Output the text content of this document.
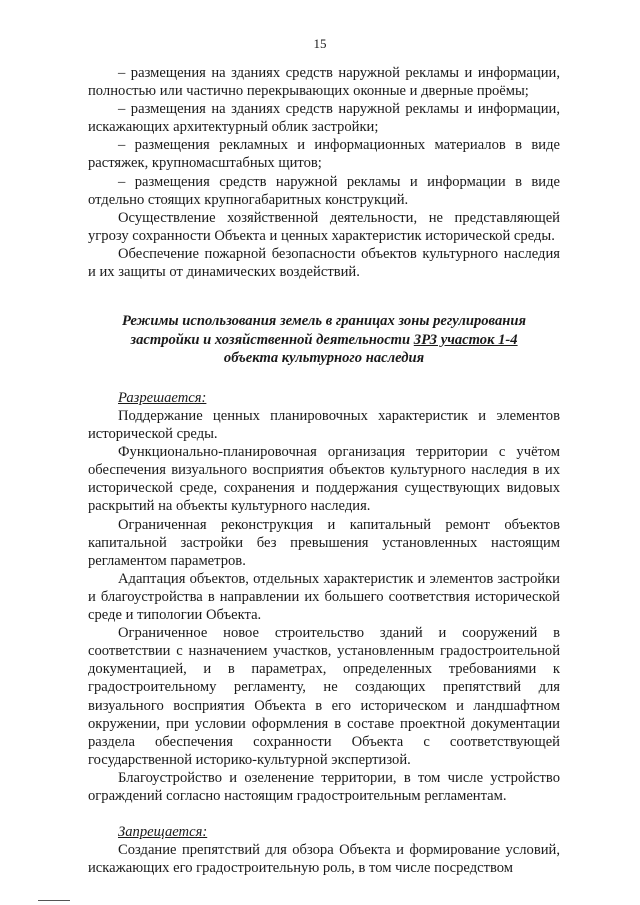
15

– размещения на зданиях средств наружной рекламы и информации, полностью или частично перекрывающих оконные и дверные проёмы;

– размещения на зданиях средств наружной рекламы и информации, искажающих архитектурный облик застройки;

– размещения рекламных и информационных материалов в виде растяжек, крупномасштабных щитов;

– размещения средств наружной рекламы и информации в виде отдельно стоящих крупногабаритных конструкций.

Осуществление хозяйственной деятельности, не представляющей угрозу сохранности Объекта и ценных характеристик исторической среды.

Обеспечение пожарной безопасности объектов культурного наследия и их защиты от динамических воздействий.

Режимы использования земель в границах зоны регулирования
застройки и хозяйственной деятельности ЗРЗ участок 1-4
объекта культурного наследия

Разрешается:

Поддержание ценных планировочных характеристик и элементов исторической среды.

Функционально-планировочная организация территории с учётом обеспечения визуального восприятия объектов культурного наследия в их исторической среде, сохранения и поддержания существующих видовых раскрытий на объекты культурного наследия.

Ограниченная реконструкция и капитальный ремонт объектов капитальной застройки без превышения установленных настоящим регламентом параметров.

Адаптация объектов, отдельных характеристик и элементов застройки и благоустройства в направлении их большего соответствия исторической среде и типологии Объекта.

Ограниченное новое строительство зданий и сооружений в соответствии с назначением участков, установленным градостроительной документацией, и в параметрах, определенных требованиями к градостроительному регламенту, не создающих препятствий для визуального восприятия Объекта в его историческом и ландшафтном окружении, при условии оформления в составе проектной документации раздела обеспечения сохранности Объекта с соответствующей государственной историко-культурной экспертизой.

Благоустройство и озеленение территории, в том числе устройство ограждений согласно настоящим градостроительным регламентам.

Запрещается:

Создание препятствий для обзора Объекта и формирование условий, искажающих его градостроительную роль, в том числе посредством
